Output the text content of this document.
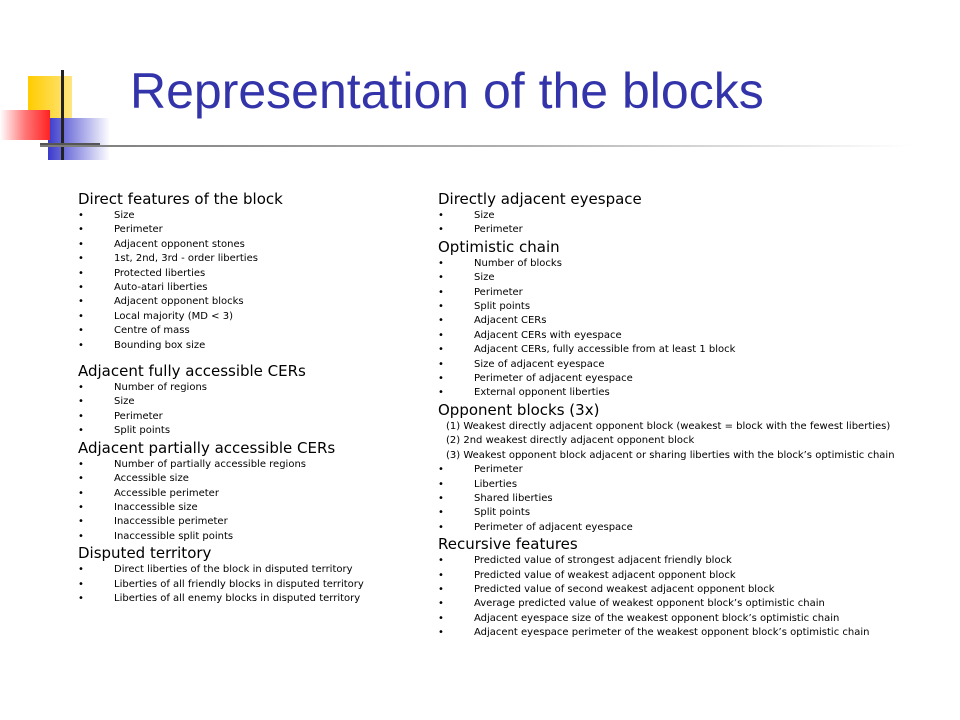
Representation of the blocks
Direct features of the block
•	Size
•	Perimeter
•	Adjacent opponent stones
•	1st, 2nd, 3rd - order liberties
•	Protected liberties
•	Auto-atari liberties
•	Adjacent opponent blocks
•	Local majority (MD < 3)
•	Centre of mass
•	Bounding box size
Adjacent fully accessible CERs
•	Number of regions
•	Size
•	Perimeter
•	Split points
Adjacent partially accessible CERs
•	Number of partially accessible regions
•	Accessible size
•	Accessible perimeter
•	Inaccessible size
•	Inaccessible perimeter
•	Inaccessible split points
Disputed territory
•	Direct liberties of the block in disputed territory
•	Liberties of all friendly blocks in disputed territory
•	Liberties of all enemy blocks in disputed territory
Directly adjacent eyespace
•	Size
•	Perimeter
Optimistic chain
•	Number of blocks
•	Size
•	Perimeter
•	Split points
•	Adjacent CERs
•	Adjacent CERs with eyespace
•	Adjacent CERs, fully accessible from at least 1 block
•	Size of adjacent eyespace
•	Perimeter of adjacent eyespace
•	External opponent liberties
Opponent blocks (3x)
(1) Weakest directly adjacent opponent block (weakest = block with the fewest liberties)
(2) 2nd weakest directly adjacent opponent block
(3) Weakest opponent block adjacent or sharing liberties with the block’s optimistic chain
•	Perimeter
•	Liberties
•	Shared liberties
•	Split points
•	Perimeter of adjacent eyespace
Recursive features
•	Predicted value of strongest adjacent friendly block
•	Predicted value of weakest adjacent opponent block
•	Predicted value of second weakest adjacent opponent block
•	Average predicted value of weakest opponent block’s optimistic chain
•	Adjacent eyespace size of the weakest opponent block’s optimistic chain
•	Adjacent eyespace perimeter of the weakest opponent block’s optimistic chain
